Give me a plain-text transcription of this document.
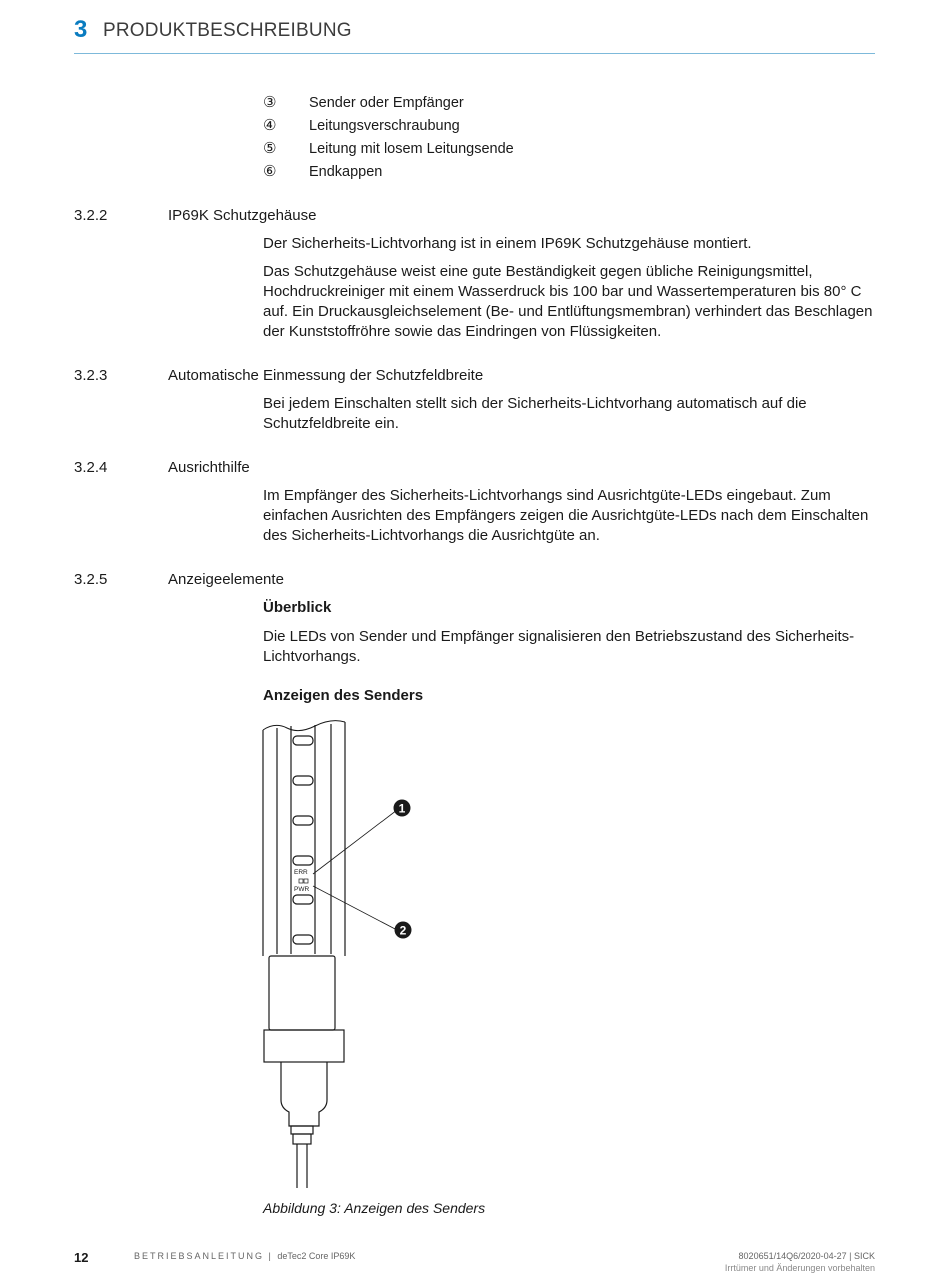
3 PRODUKTBESCHREIBUNG
③ Sender oder Empfänger
④ Leitungsverschraubung
⑤ Leitung mit losem Leitungsende
⑥ Endkappen
3.2.2	IP69K Schutzgehäuse
Der Sicherheits-Lichtvorhang ist in einem IP69K Schutzgehäuse montiert.
Das Schutzgehäuse weist eine gute Beständigkeit gegen übliche Reinigungsmittel, Hochdruckreiniger mit einem Wasserdruck bis 100 bar und Wassertemperaturen bis 80° C auf. Ein Druckausgleichselement (Be- und Entlüftungsmembran) verhindert das Beschlagen der Kunststoffröhre sowie das Eindringen von Flüssigkeiten.
3.2.3	Automatische Einmessung der Schutzfeldbreite
Bei jedem Einschalten stellt sich der Sicherheits-Lichtvorhang automatisch auf die Schutzfeldbreite ein.
3.2.4	Ausrichthilfe
Im Empfänger des Sicherheits-Lichtvorhangs sind Ausrichtgüte-LEDs eingebaut. Zum einfachen Ausrichten des Empfängers zeigen die Ausrichtgüte-LEDs nach dem Einschalten des Sicherheits-Lichtvorhangs die Ausrichtgüte an.
3.2.5	Anzeigeelemente
Überblick
Die LEDs von Sender und Empfänger signalisieren den Betriebszustand des Sicherheits-Lichtvorhangs.
Anzeigen des Senders
ERR
PWR
1
2
Abbildung 3: Anzeigen des Senders
12	BETRIEBSANLEITUNG | deTec2 Core IP69K	8020651/14Q6/2020-04-27 | SICK
Irrtümer und Änderungen vorbehalten
